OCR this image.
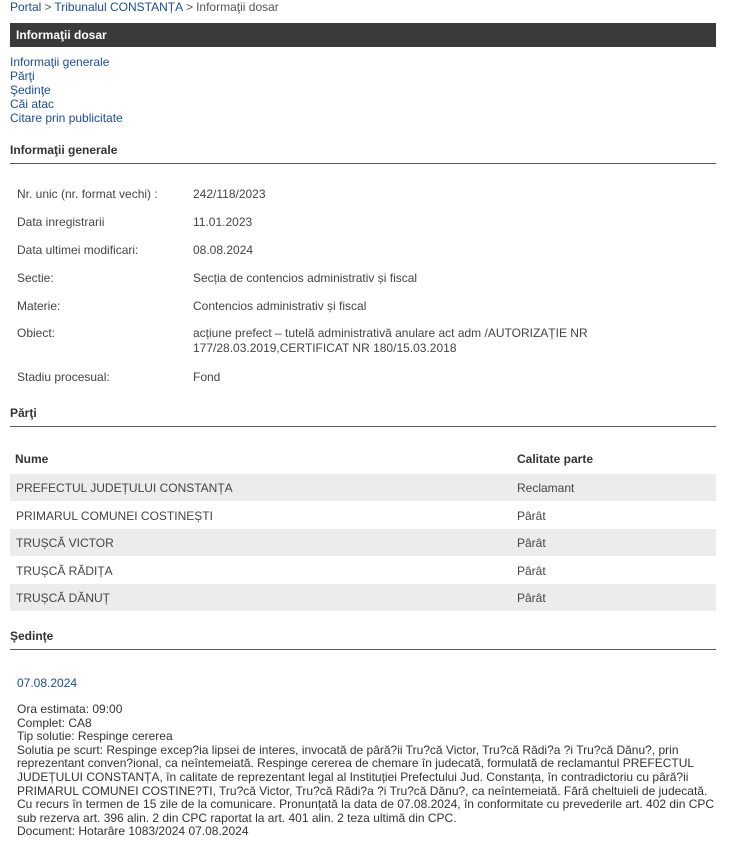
Portal > Tribunalul CONSTANȚA > Informaţii dosar
Informaţii dosar
Informaţii generale
Părţi
Şedinţe
Căi atac
Citare prin publicitate
Informaţii generale
Nr. unic (nr. format vechi) :	242/118/2023
Data inregistrarii	11.01.2023
Data ultimei modificari:	08.08.2024
Sectie:	Secția de contencios administrativ și fiscal
Materie:	Contencios administrativ și fiscal
Obiect:	acțiune prefect – tutelă administrativă anulare act adm /AUTORIZAȚIE NR 177/28.03.2019,CERTIFICAT NR 180/15.03.2018
Stadiu procesual:	Fond
Părţi
Nume	Calitate parte
PREFECTUL JUDEȚULUI CONSTANȚA	Reclamant
PRIMARUL COMUNEI COSTINEȘTI	Pârât
TRUȘCĂ VICTOR	Pârât
TRUȘCĂ RĂDIȚA	Pârât
TRUȘCĂ DĂNUȚ	Pârât
Şedinţe
07.08.2024
Ora estimata: 09:00
Complet: CA8
Tip solutie: Respinge cererea
Solutia pe scurt: Respinge excep?ia lipsei de interes, invocată de pâră?ii Tru?că Victor, Tru?că Rădi?a ?i Tru?că Dănu?, prin reprezentant conven?ional, ca neîntemeiată. Respinge cererea de chemare în judecată, formulată de reclamantul PREFECTUL JUDEȚULUI CONSTANȚA, în calitate de reprezentant legal al Instituției Prefectului Jud. Constanța, în contradictoriu cu pâră?ii PRIMARUL COMUNEI COSTINE?TI, Tru?că Victor, Tru?că Rădi?a ?i Tru?că Dănu?, ca neîntemeiată. Fără cheltuieli de judecată. Cu recurs în termen de 15 zile de la comunicare. Pronunțată la data de 07.08.2024, în conformitate cu prevederile art. 402 din CPC sub rezerva art. 396 alin. 2 din CPC raportat la art. 401 alin. 2 teza ultimă din CPC.
Document: Hotarâre 1083/2024 07.08.2024
